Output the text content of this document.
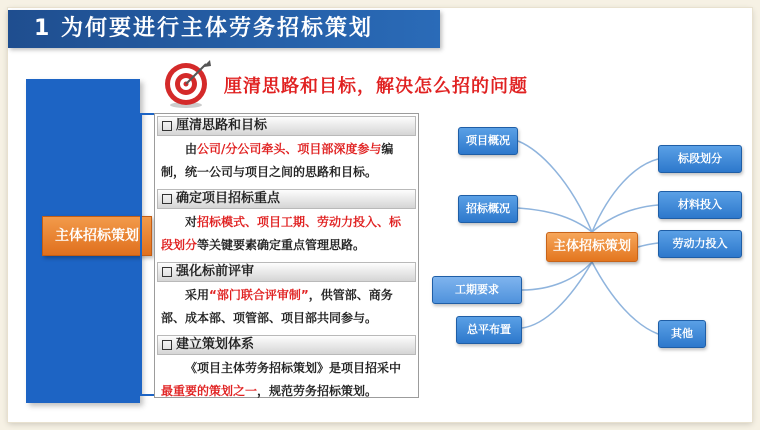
1 为何要进行主体劳务招标策划
主体招标策划
厘清思路和目标，解决怎么招的问题
厘清思路和目标
由公司/分公司牵头、项目部深度参与编制，统一公司与项目之间的思路和目标。
确定项目招标重点
对招标模式、项目工期、劳动力投入、标段划分等关键要素确定重点管理思路。
强化标前评审
采用“部门联合评审制”，供管部、商务部、成本部、项管部、项目部共同参与。
建立策划体系
《项目主体劳务招标策划》是项目招采中最重要的策划之一，规范劳务招标策划。
项目概况
招标概况
工期要求
总平布置
标段划分
材料投入
劳动力投入
其他
主体招标策划
